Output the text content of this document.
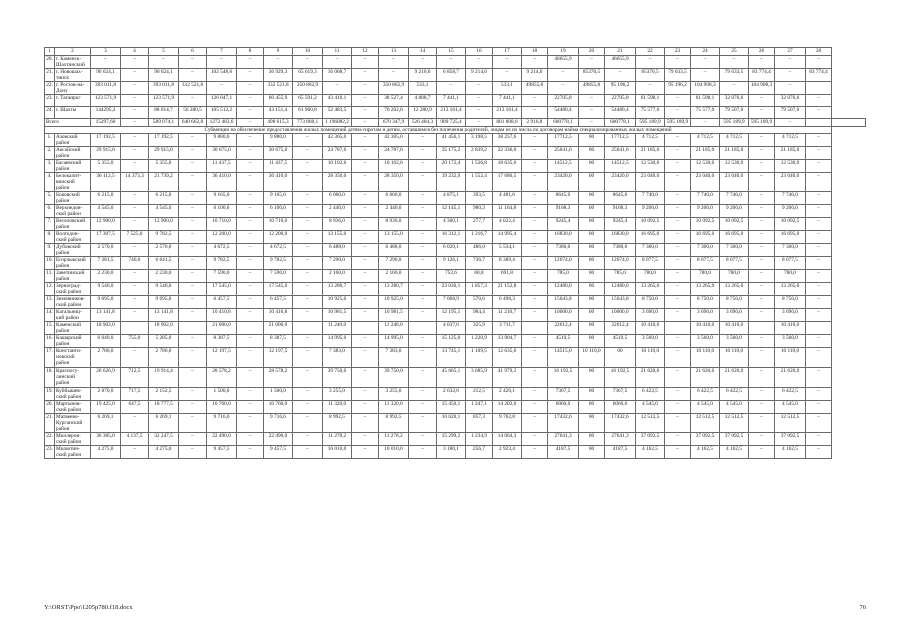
1	2	3	4	5	6	7	8	9	10	11	12	13	14	15	16	17	18	19	20	21	22	23	24	25	26	27	28	
20.	г. Каменск-Шахтинский	–	–	–	–	–	–	–	–	–	–	–	–	–	–	–	–	46655,9	–	46655,9	–	–	–	–	–	–	–	
21.	г. Новошах-тинск	90 624,1	–	90 624,1	–	102 548,6	–	36 929,3	65 619,3	16 068,7	–	–	9 210,0	6 858,7	9 214,0	–	9 214,0	–	85370,5	–	85370,5	79 633,5	–	79 633,5	83 774,4	–	83 774,4	
22.	г. Ростов-на-Дону	393 011,8	–	393 011,8	332 521,8	–	–	332 521,8	350 862,9	–	–	350 862,9	533,1	–	–	533,1	49855,8	–	49855,8	95 196,2	–	95 196,2	104 908,3	–	104 908,3	–		
23.	г. Таганрог	123 571,9	–	123 571,9	–	126 047,1	–	60 455,9	65 591,2	43 416,1	–	38 527,4	4 888,7	7 441,1	–	7 441,1	–	22705,8	–	22705,8	61 598,1	–	61 598,1	32 076,6	–	32 076,6	–	
24.	г. Шахты	144295,2	–	88 014,7	56 280,5	105 512,2	–	43 151,4	61 960,8	52 483,5	–	70 202,6	12 280,9	213 161,4	–	213 161,4	–	54480,4	–	54480,4	75 577,0	–	75 577,0	79 507,0	–	79 507,0	–	
Всего		15297,60	–	589 074,1	640 662,8	1272 483,6	–	498 615,3	773 868,1	1 196082,2	–	670 347,9	526 484,3	909 725,4	–	801 808,6	2 916,8	600778,1	–	600778,1	595 189,9	595 189,9	–	595 189,9	595 189,9	–		
Субвенции на обеспечение предоставления жилых помещений детям-сиротам и детям, оставшимся без попечения родителей, лицам из их числа по договорам найма специализированных жилых помещений																												
1.	Азовский район	17 192,5	–	17 192,5	–	9 880,0	–	9 880,0	–	42 305,0	–	42 305,0	–	41 456,1	3 198,5	38 257,6	–	17712,5	00	17712,5	4 712,5	–	4 712,5	4 712,5	–	4 712,5	–	
2.	Аксайский район	29 915,0	–	29 915,0	–	30 675,0	–	30 675,0	–	24 787,6	–	24 787,6	–	35 175,2	2 839,2	32 336,0	–	25041,6	00	25041,6	21 185,0	–	21 185,0	21 185,0	–	21 185,0	–	
3.	Багаевский район	5 355,0	–	5 355,0	–	11 437,5	–	11 437,5	–	10 102,6	–	10 102,6	–	20 172,4	1 536,8	18 635,6	–	14512,5	00	14512,5	12 530,0	–	12 530,0	12 530,0	–	12 530,0	–	
4.	Белокалит-винский район	36 112,5	14 373,3	21 739,2	–	36 410,0	–	36 410,0	–	28 350,0	–	28 350,0	–	19 232,9	1 552,4	17 680,5	–	23420,0	00	23420,0	23 040,0	–	23 040,0	23 040,0	–	23 040,0	–	
5.	Боковский район	6 215,0	–	6 215,0	–	9 165,0	–	9 165,0	–	6 060,0	–	6 060,0	–	4 875,1	393,5	4 481,6	–	8645,0	00	8645,0	7 740,0	–	7 740,0	7 740,0	–	7 740,0	–	
6.	Верхнедон-ской район	4 545,0	–	4 545,0	–	6 100,0	–	6 100,0	–	2 440,0	–	2 440,0	–	12 145,1	980,3	11 164,8	–	9168,3	00	9168,3	9 200,0	–	9 200,0	9 200,0	–	9 200,0	–	
7.	Веселовский район	12 900,0	–	12 900,0	–	10 710,0	–	10 710,0	–	8 936,0	–	8 936,0	–	4 300,1	277,7	4 022,4	–	9245,4	00	9245,4	10 092,5	–	10 092,5	10 092,5	–	10 092,5	–	
8.	Волгодон-ский район	17 307,5	7 525,0	9 782,5	–	12 200,0	–	12 200,0	–	13 155,0	–	13 155,0	–	16 312,1	1 316,7	14 995,4	–	16830,0	00	16830,0	16 695,0	–	16 695,0	16 695,0	–	16 695,0	–	
9.	Дубовский район	2 570,0	–	2 570,0	–	4 672,5	–	4 672,5	–	6 488,0	–	6 488,0	–	6 020,1	486,0	5 534,1	–	7380,0	00	7380,0	7 300,0	–	7 300,0	7 300,0	–	7 300,0	–	
10.	Егорлыкский район	7 381,5	740,0	6 641,5	–	9 782,5	–	9 782,5	–	7 290,0	–	7 290,0	–	9 126,1	736,7	8 389,4	–	12674,0	00	12674,0	8 077,5	–	8 077,5	8 077,5	–	8 077,5	–	
11.	Заветинский район	2 230,0	–	2 230,0	–	7 590,0	–	7 590,0	–	2 160,0	–	2 160,0	–	752,6	60,8	691,8	–	785,0	00	785,0	780,0	–	780,0	780,0	–	780,0	–	
12.	Зерноград-ский район	9 540,0	–	9 540,0	–	17 545,0	–	17 545,0	–	13 280,7	–	13 280,7	–	23 030,1	1 857,3	21 152,8	–	12480,0	00	12480,0	13 265,0	–	13 265,0	13 265,0	–	13 265,0	–	
13.	Зимовников-ский район	9 695,0	–	9 695,0	–	6 457,5	–	6 457,5	–	10 925,0	–	10 925,0	–	7 068,9	570,6	6 498,3	–	15643,8	00	15643,8	8 750,0	–	8 750,0	8 750,0	–	8 750,0	–	
14.	Кагальниц-кий район	13 141,8	–	13 141,8	–	10 410,8	–	10 410,8	–	10 981,5	–	10 981,5	–	12 195,1	984,4	11 210,7	–	10000,0	00	10000,0	3 690,0	–	3 690,0	3 690,0	–	3 690,0	–	
15.	Каменский район	18 902,0		18 902,0		21 000,0		21 000,0		11 240,0		11 240,0		4 037,6	325,9	3 711,7		22612,4	00	22612,4	10 410,0		10 410,0	10 410,0		10 410,0		
16.	Кашарский район	6 040,0	755,0	5 285,0	–	8 387,5	–	8 387,5	–	14 995,0	–	14 995,0	–	15 125,6	1 220,9	13 904,7	–	4519,5	00	4519,5	3 560,0	–	3 560,0	3 560,0	–	3 560,0	–	
17.	Константи-новский район	2 780,0	–	2 780,0	–	12 197,5	–	12 197,5	–	7 383,0	–	7 383,0	–	13 745,1	1 109,5	12 635,6	–	14515,0	10 110,0	00	10 110,0	–	10 110,0	10 110,0	–	10 110,0	–	
18.	Красносу-линский район	20 626,9	712,5	19 914,4	–	28 578,2	–	28 578,2	–	39 750,0	–	39 750,0	–	45 665,1	3 685,9	41 979,2	–	16 192,5	00	16 192,5	21 620,0	–	21 620,0	21 620,0	–	21 620,0	–	
19.	Куйбышев-ский район	2 870,0	717,5	2 152,5	–	1 500,0	–	1 500,0	–	3 255,0	–	3 255,0	–	2 632,6	212,5	2 420,1	–	7367,5	00	7367,5	6 422,5	–	6 422,5	6 422,5	–	6 422,5	–	
20.	Мартынов-ский район	19 425,0	647,5	18 777,5	–	10 760,0	–	10 760,0	–	11 320,0	–	11 320,0	–	15 450,1	1 247,1	14 203,0	–	6060,0	00	6060,0	4 545,0	–	4 545,0	4 545,0	–	4 545,0	–	
21.	Матвеево-Курганский район	6 269,1	–	6 269,1	–	9 716,6	–	9 716,6	–	8 992,5	–	8 992,5	–	10 620,1	857,3	9 762,8	–	17432,6	00	17432,6	12 512,5	–	12 512,5	12 512,5	–	12 512,5	–	
22.	Миллеров-ский район	36 385,0	4 137,5	32 247,5	–	22 490,0	–	22 490,0	–	11 278,2	–	11 278,2	–	15 299,2	1 234,9	14 064,3	–	27641,3	00	27641,3	37 092,5	–	37 092,5	37 092,5	–	37 092,5	–	
23.	Милютин-ский район	4 275,0	–	4 275,0	–	9 457,5	–	9 457,5	–	10 010,0	–	10 010,0	–	3 180,1	256,7	2 923,4	–	4187,5	00	4187,5	4 162,5	–	4 162,5	4 162,5	–	4 162,5	–	
Y:\ORST\Ppo\1205p780.f18.docx	76
